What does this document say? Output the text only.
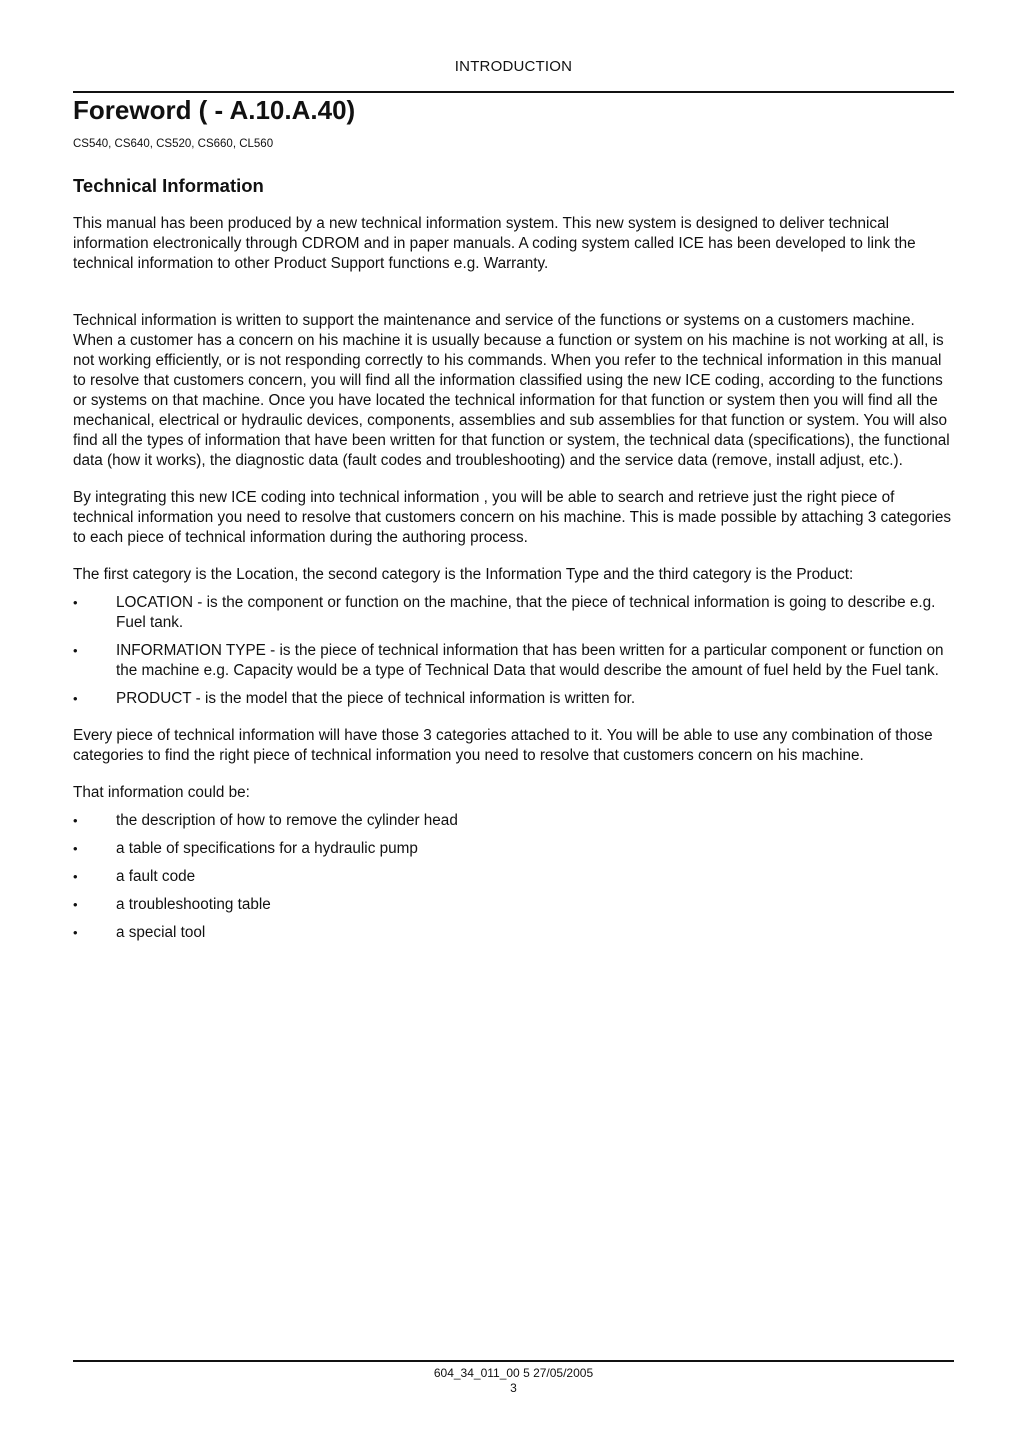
INTRODUCTION
Foreword ( - A.10.A.40)
CS540, CS640, CS520, CS660, CL560
Technical Information

This manual has been produced by a new technical information system. This new system is designed to deliver technical information electronically through CDROM and in paper manuals. A coding system called ICE has been developed to link the technical information to other Product Support functions e.g. Warranty.

Technical information is written to support the maintenance and service of the functions or systems on a customers machine. When a customer has a concern on his machine it is usually because a function or system on his machine is not working at all, is not working efficiently, or is not responding correctly to his commands. When you refer to the technical information in this manual to resolve that customers concern, you will find all the information classified using the new ICE coding, according to the functions or systems on that machine. Once you have located the technical information for that function or system then you will find all the mechanical, electrical or hydraulic devices, components, assemblies and sub assemblies for that function or system. You will also find all the types of information that have been written for that function or system, the technical data (specifications), the functional data (how it works), the diagnostic data (fault codes and troubleshooting) and the service data (remove, install adjust, etc.).

By integrating this new ICE coding into technical information , you will be able to search and retrieve just the right piece of technical information you need to resolve that customers concern on his machine. This is made possible by attaching 3 categories to each piece of technical information during the authoring process.

The first category is the Location, the second category is the Information Type and the third category is the Product:

•	LOCATION - is the component or function on the machine, that the piece of technical information is going to describe e.g. Fuel tank.
•	INFORMATION TYPE - is the piece of technical information that has been written for a particular component or function on the machine e.g. Capacity would be a type of Technical Data that would describe the amount of fuel held by the Fuel tank.
•	PRODUCT - is the model that the piece of technical information is written for.

Every piece of technical information will have those 3 categories attached to it. You will be able to use any combination of those categories to find the right piece of technical information you need to resolve that customers concern on his machine.

That information could be:

•	the description of how to remove the cylinder head
•	a table of specifications for a hydraulic pump
•	a fault code
•	a troubleshooting table
•	a special tool
604_34_011_00 5 27/05/2005
3
